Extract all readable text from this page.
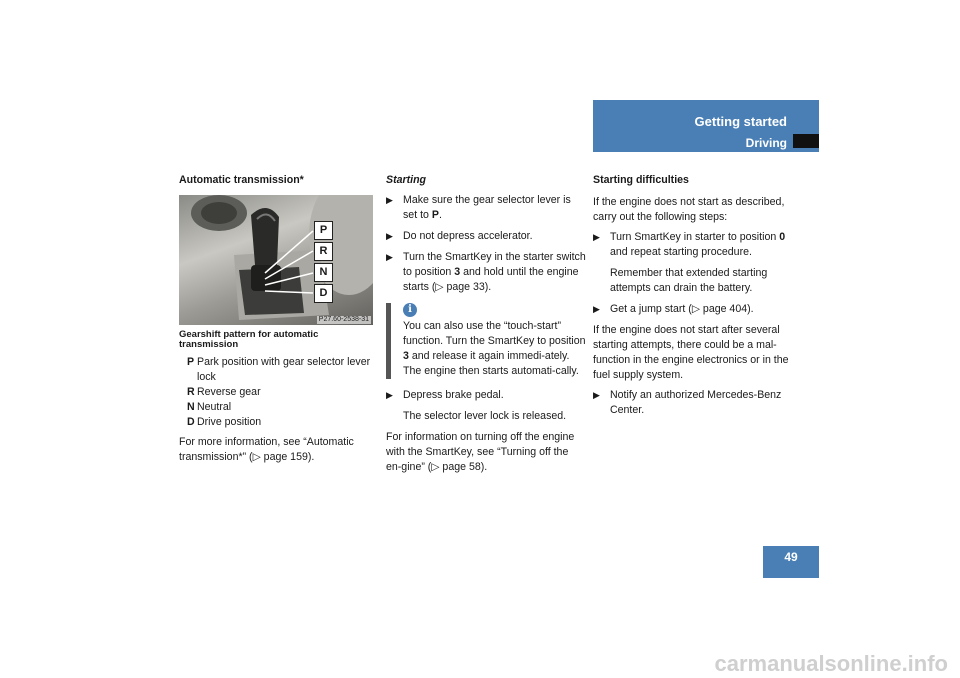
Getting started
Driving
Automatic transmission*
P
R
N
D
P27.60-2538-31
Gearshift pattern for automatic transmission
P Park position with gear selector lever lock
R Reverse gear
N Neutral
D Drive position

For more information, see “Automatic transmission*” (▷ page 159).

Starting
▶ Make sure the gear selector lever is set to P.
▶ Do not depress accelerator.
▶ Turn the SmartKey in the starter switch to position 3 and hold until the engine starts (▷ page 33).
i
You can also use the “touch-start” function. Turn the SmartKey to position 3 and release it again immedi-ately. The engine then starts automati-cally.
▶ Depress brake pedal.
The selector lever lock is released.

For information on turning off the engine with the SmartKey, see “Turning off the en-gine” (▷ page 58).

Starting difficulties

If the engine does not start as described, carry out the following steps:

▶ Turn SmartKey in starter to position 0 and repeat starting procedure.
Remember that extended starting attempts can drain the battery.
▶ Get a jump start (▷ page 404).

If the engine does not start after several starting attempts, there could be a mal-function in the engine electronics or in the fuel supply system.

▶ Notify an authorized Mercedes-Benz Center.
49
carmanualsonline.info
